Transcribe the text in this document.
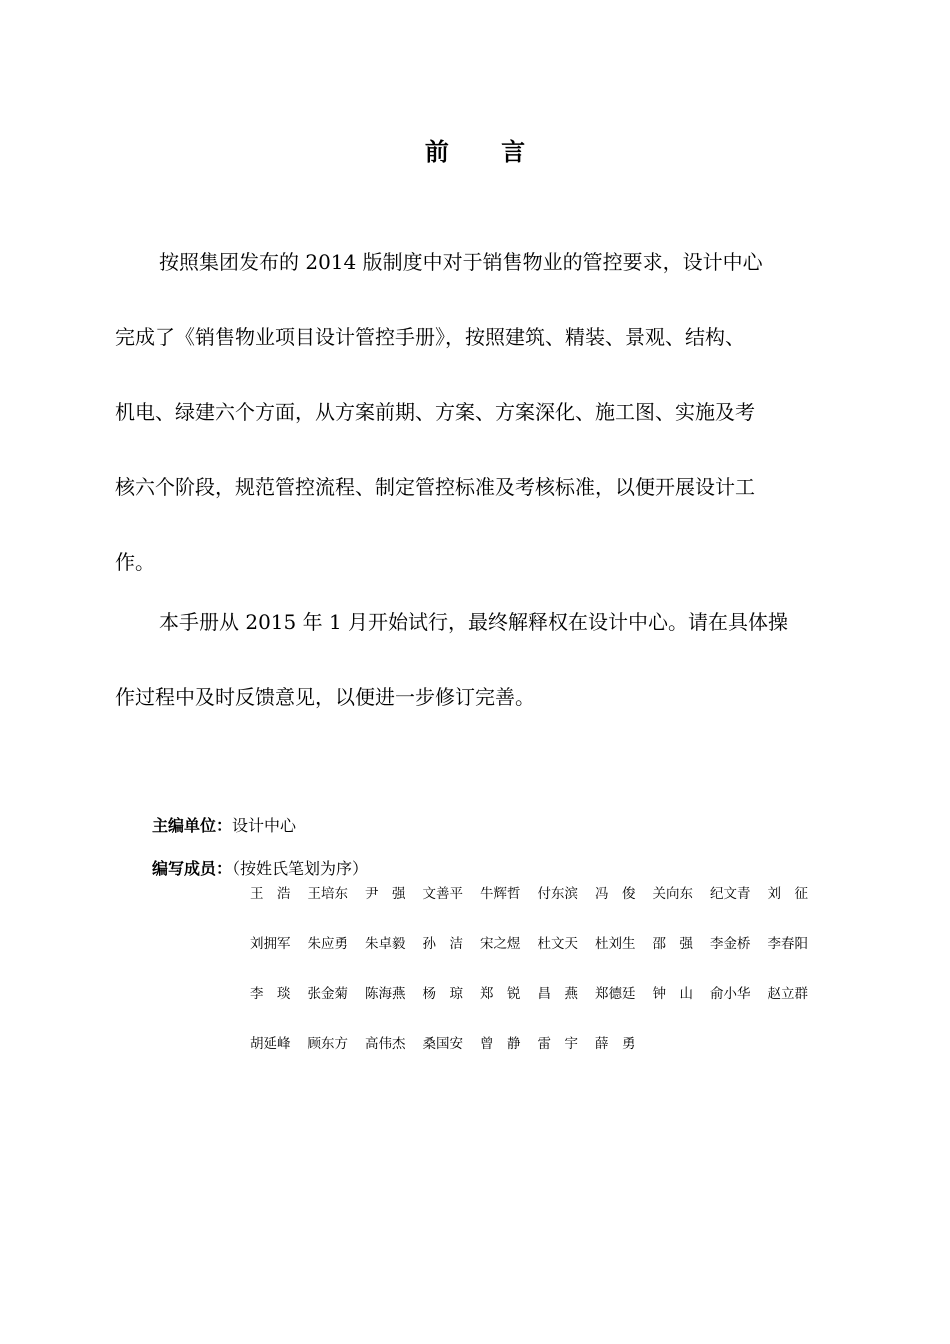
前 言
按照集团发布的 2014 版制度中对于销售物业的管控要求，设计中心
完成了《销售物业项目设计管控手册》，按照建筑、精装、景观、结构、
机电、绿建六个方面，从方案前期、方案、方案深化、施工图、实施及考
核六个阶段，规范管控流程、制定管控标准及考核标准，以便开展设计工
作。
本手册从 2015 年 1 月开始试行，最终解释权在设计中心。请在具体操
作过程中及时反馈意见，以便进一步修订完善。
主编单位：设计中心
编写成员：（按姓氏笔划为序）
王　浩	王培东	尹　强	文善平	牛辉哲	付东滨	冯　俊	关向东	纪文青	刘　征
刘拥军	朱应勇	朱卓毅	孙　洁	宋之煜	杜文天	杜刘生	邵　强	李金桥	李春阳
李　琰	张金菊	陈海燕	杨　琼	郑　锐	昌　燕	郑德廷	钟　山	俞小华	赵立群
胡延峰	顾东方	高伟杰	桑国安	曾　静	雷　宇	薛　勇
